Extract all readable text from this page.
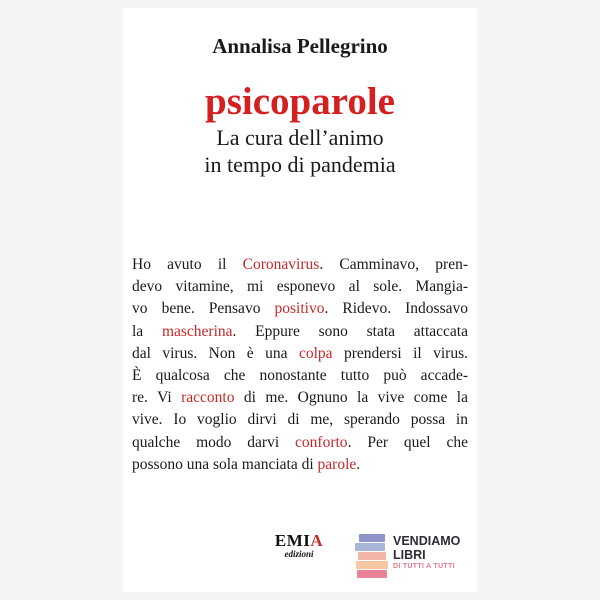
Annalisa Pellegrino
psicoparole
La cura dell’animo
in tempo di pandemia
Ho avuto il Coronavirus. Camminavo, pren-
devo vitamine, mi esponevo al sole. Mangia-
vo bene. Pensavo positivo. Ridevo. Indossavo
la mascherina. Eppure sono stata attaccata
dal virus. Non è una colpa prendersi il virus.
È qualcosa che nonostante tutto può accade-
re. Vi racconto di me. Ognuno la vive come la
vive. Io voglio dirvi di me, sperando possa in
qualche modo darvi conforto. Per quel che
possono una sola manciata di parole.
EMIA
edizioni
VENDIAMO
LIBRI
DI TUTTI A TUTTI
